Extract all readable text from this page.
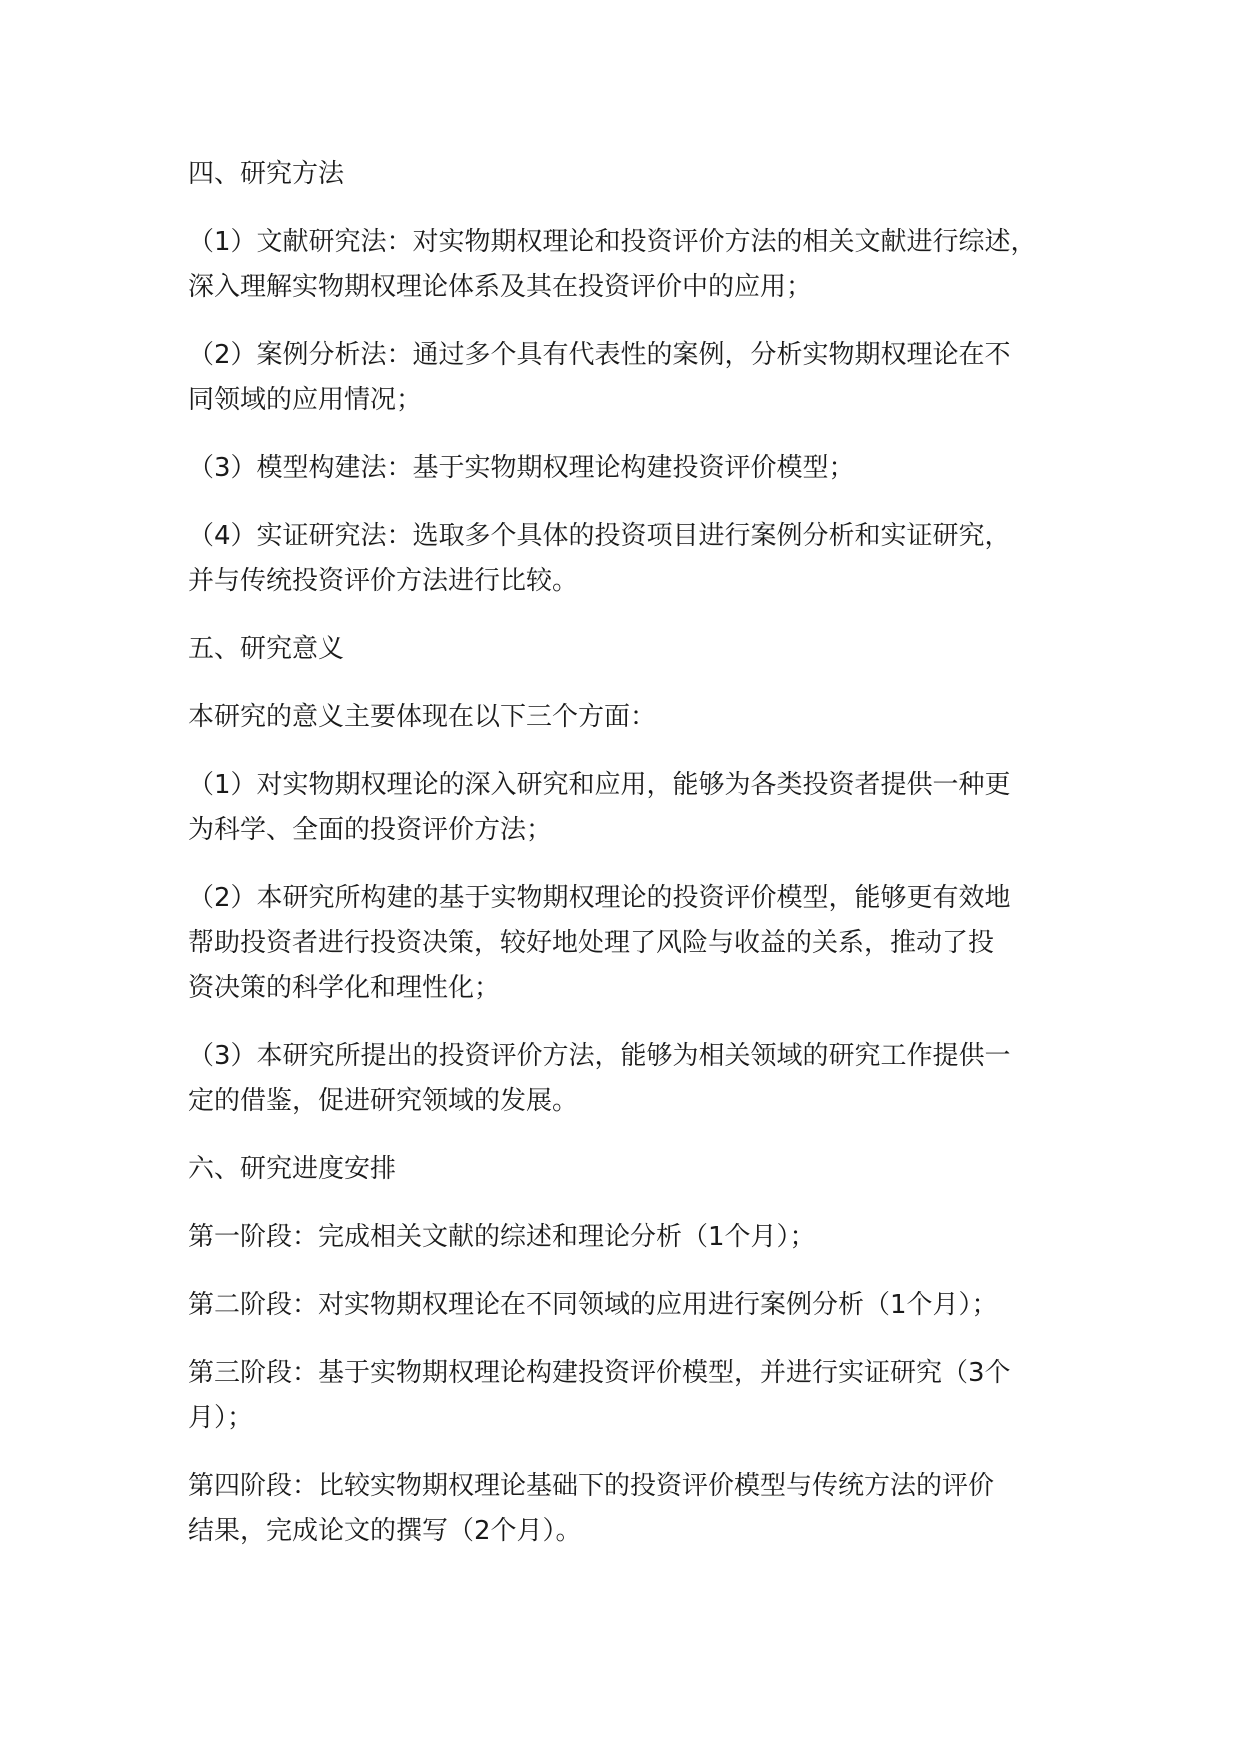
四、研究方法
（1）文献研究法：对实物期权理论和投资评价方法的相关文献进行综述，
深入理解实物期权理论体系及其在投资评价中的应用；
（2）案例分析法：通过多个具有代表性的案例，分析实物期权理论在不
同领域的应用情况；
（3）模型构建法：基于实物期权理论构建投资评价模型；
（4）实证研究法：选取多个具体的投资项目进行案例分析和实证研究，
并与传统投资评价方法进行比较。
五、研究意义
本研究的意义主要体现在以下三个方面：
（1）对实物期权理论的深入研究和应用，能够为各类投资者提供一种更
为科学、全面的投资评价方法；
（2）本研究所构建的基于实物期权理论的投资评价模型，能够更有效地
帮助投资者进行投资决策，较好地处理了风险与收益的关系，推动了投
资决策的科学化和理性化；
（3）本研究所提出的投资评价方法，能够为相关领域的研究工作提供一
定的借鉴，促进研究领域的发展。
六、研究进度安排
第一阶段：完成相关文献的综述和理论分析（1个月）；
第二阶段：对实物期权理论在不同领域的应用进行案例分析（1个月）；
第三阶段：基于实物期权理论构建投资评价模型，并进行实证研究（3个
月）；
第四阶段：比较实物期权理论基础下的投资评价模型与传统方法的评价
结果，完成论文的撰写（2个月）。
